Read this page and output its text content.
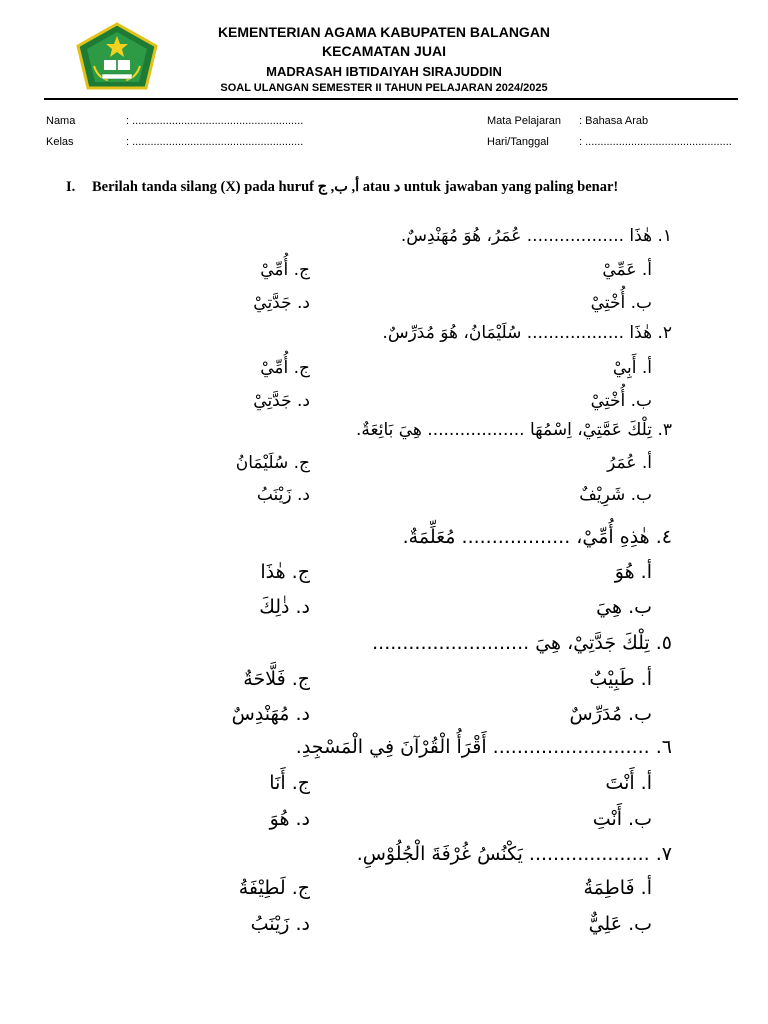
KEMENTERIAN AGAMA KABUPATEN BALANGAN
KECAMATAN JUAI
MADRASAH IBTIDAIYAH SIRAJUDDIN
SOAL ULANGAN SEMESTER II TAHUN PELAJARAN 2024/2025
Nama	: ........................................................
Kelas	: ........................................................
Mata Pelajaran : Bahasa Arab
Hari/Tanggal	: ................................................
I. Berilah tanda silang (X) pada huruf أ, ب, ج atau د untuk jawaban yang paling benar!
١. هٰذَا .................. عُمَرُ، هُوَ مُهَنْدِسٌ.
أ. عَمِّيْ
ج. أُمِّيْ
ب. أُخْتِيْ
د. جَدَّتِيْ
٢. هٰذَا .................. سُلَيْمَانُ، هُوَ مُدَرِّسٌ.
أ. أَبِيْ
ج. أُمِّيْ
ب. أُخْتِيْ
د. جَدَّتِيْ
٣. تِلْكَ عَمَّتِيْ، اِسْمُهَا .................. هِيَ بَائِعَةٌ.
أ. عُمَرُ
ج. سُلَيْمَانُ
ب. شَرِيْفٌ
د. زَيْنَبُ
٤. هٰذِهِ أُمِّيْ، .................. مُعَلِّمَةٌ.
أ. هُوَ
ج. هٰذَا
ب. هِيَ
د. ذٰلِكَ
٥. تِلْكَ جَدَّتِيْ، هِيَ ..........................
أ. طَبِيْبٌ
ج. فَلَّاحَةٌ
ب. مُدَرِّسٌ
د. مُهَنْدِسٌ
٦. .......................... أَقْرَأُ الْقُرْآنَ فِي الْمَسْجِدِ.
أ. أَنْتَ
ج. أَنَا
ب. أَنْتِ
د. هُوَ
٧. .................... يَكْنُسُ غُرْفَةَ الْجُلُوْسِ.
أ. فَاطِمَةُ
ج. لَطِيْفَةُ
ب. عَلِيٌّ
د. زَيْنَبُ
